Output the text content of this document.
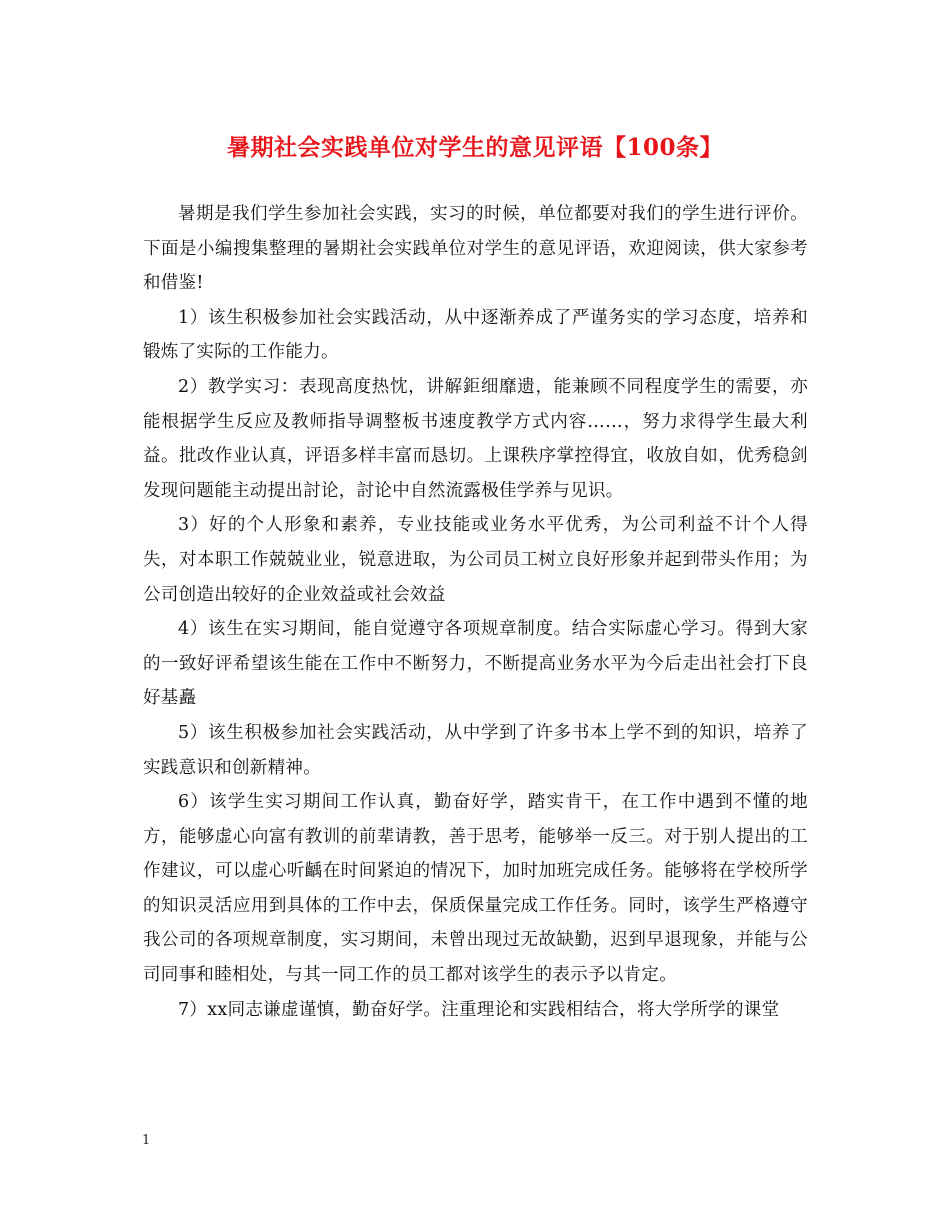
暑期社会实践单位对学生的意见评语【100条】

暑期是我们学生参加社会实践，实习的时候，单位都要对我们的学生进行评价。下面是小编搜集整理的暑期社会实践单位对学生的意见评语，欢迎阅读，供大家参考和借鉴!

1）该生积极参加社会实践活动，从中逐渐养成了严谨务实的学习态度，培养和锻炼了实际的工作能力。

2）教学实习：表现高度热忱，讲解鉅细靡遗，能兼顾不同程度学生的需要，亦能根据学生反应及教师指导调整板书速度教学方式内容……，努力求得学生最大利益。批改作业认真，评语多样丰富而恳切。上课秩序掌控得宜，收放自如，优秀稳剑发现问题能主动提出討论，討论中自然流露极佳学养与见识。

3）好的个人形象和素养，专业技能或业务水平优秀，为公司利益不计个人得失，对本职工作兢兢业业，锐意进取，为公司员工树立良好形象并起到带头作用；为公司创造出较好的企业效益或社会效益

4）该生在实习期间，能自觉遵守各项规章制度。结合实际虚心学习。得到大家的一致好评希望该生能在工作中不断努力，不断提高业务水平为今后走出社会打下良好基矗

5）该生积极参加社会实践活动，从中学到了许多书本上学不到的知识，培养了实践意识和创新精神。

6）该学生实习期间工作认真，勤奋好学，踏实肯干，在工作中遇到不懂的地方，能够虚心向富有教训的前辈请教，善于思考，能够举一反三。对于别人提出的工作建议，可以虚心听齲在时间紧迫的情况下，加时加班完成任务。能够将在学校所学的知识灵活应用到具体的工作中去，保质保量完成工作任务。同时，该学生严格遵守我公司的各项规章制度，实习期间，未曾出现过无故缺勤，迟到早退现象，并能与公司同事和睦相处，与其一同工作的员工都对该学生的表示予以肯定。

7）xx同志谦虚谨慎，勤奋好学。注重理论和实践相结合，将大学所学的课堂

1
